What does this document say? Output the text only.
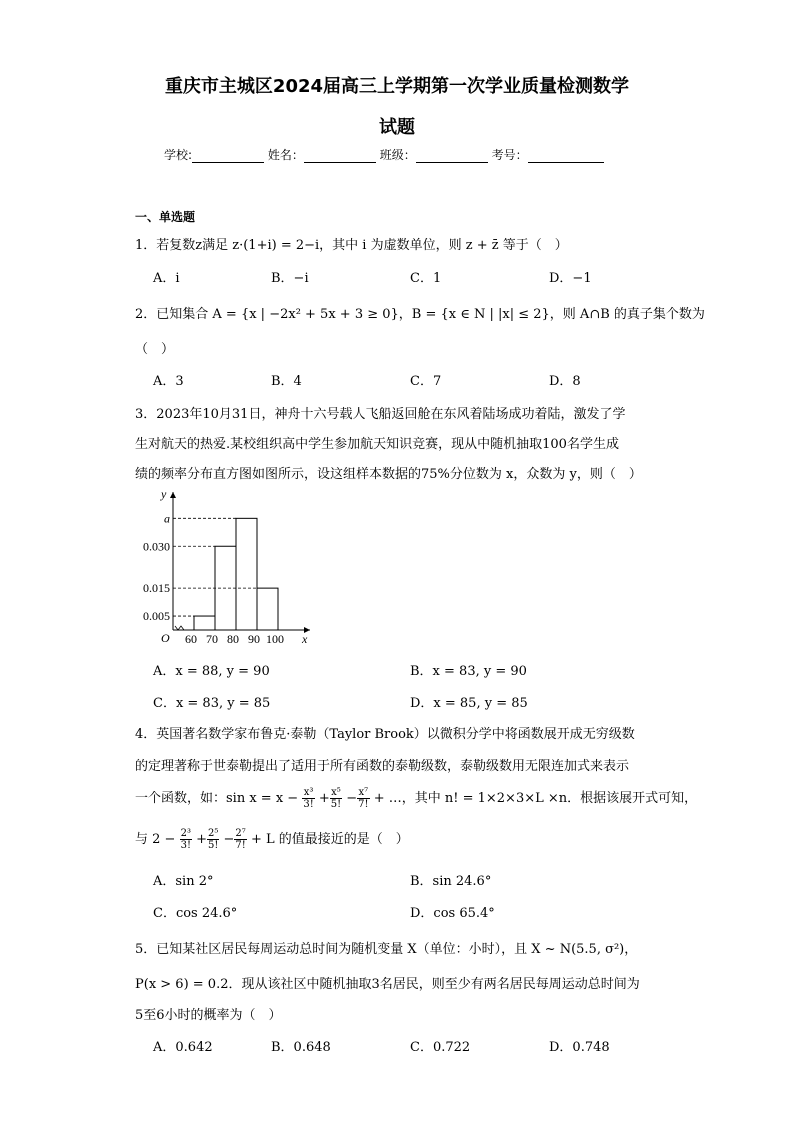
重庆市主城区2024届高三上学期第一次学业质量检测数学
试题
学校:	姓名：	班级：	考号：
一、单选题
1．若复数z满足 z·(1+i) = 2−i，其中 i 为虚数单位，则 z + z̄ 等于（　）
A．i	B．−i	C．1	D．−1
2．已知集合 A = {x | −2x² + 5x + 3 ≥ 0}，B = {x ∈ N | |x| ≤ 2}，则 A∩B 的真子集个数为
（　）
A．3	B．4	C．7	D．8
3．2023年10月31日，神舟十六号载人飞船返回舱在东风着陆场成功着陆，激发了学
生对航天的热爱.某校组织高中学生参加航天知识竞赛，现从中随机抽取100名学生成
绩的频率分布直方图如图所示，设这组样本数据的75%分位数为 x，众数为 y，则（　）
y
x
O
0.005
0.015
0.030
a
60 70 80 90 100
A．x = 88, y = 90	B．x = 83, y = 90
C．x = 83, y = 85	D．x = 85, y = 85
4．英国著名数学家布鲁克·泰勒（Taylor Brook）以微积分学中将函数展开成无穷级数
的定理著称于世泰勒提出了适用于所有函数的泰勒级数，泰勒级数用无限连加式来表示
一个函数，如：$\sin x = x - \frac{\text{x³}}{3!} + \frac{\text{x⁵}}{5!} - \frac{\text{x⁷}}{7!}$ + …，其中 n! = 1×2×3×L ×n．根据该展开式可知，
与 $2 - \frac{\text{2³}}{3!} + \frac{\text{2⁵}}{5!} - \frac{\text{2⁷}}{7!} + L$ 的值最接近的是（　）
A．sin 2°	B．sin 24.6°
C．cos 24.6°	D．cos 65.4°
5．已知某社区居民每周运动总时间为随机变量 X（单位：小时），且 X ~ N(5.5, σ²)，
P(x > 6) = 0.2．现从该社区中随机抽取3名居民，则至少有两名居民每周运动总时间为
5至6小时的概率为（　）
A．0.642	B．0.648	C．0.722	D．0.748
